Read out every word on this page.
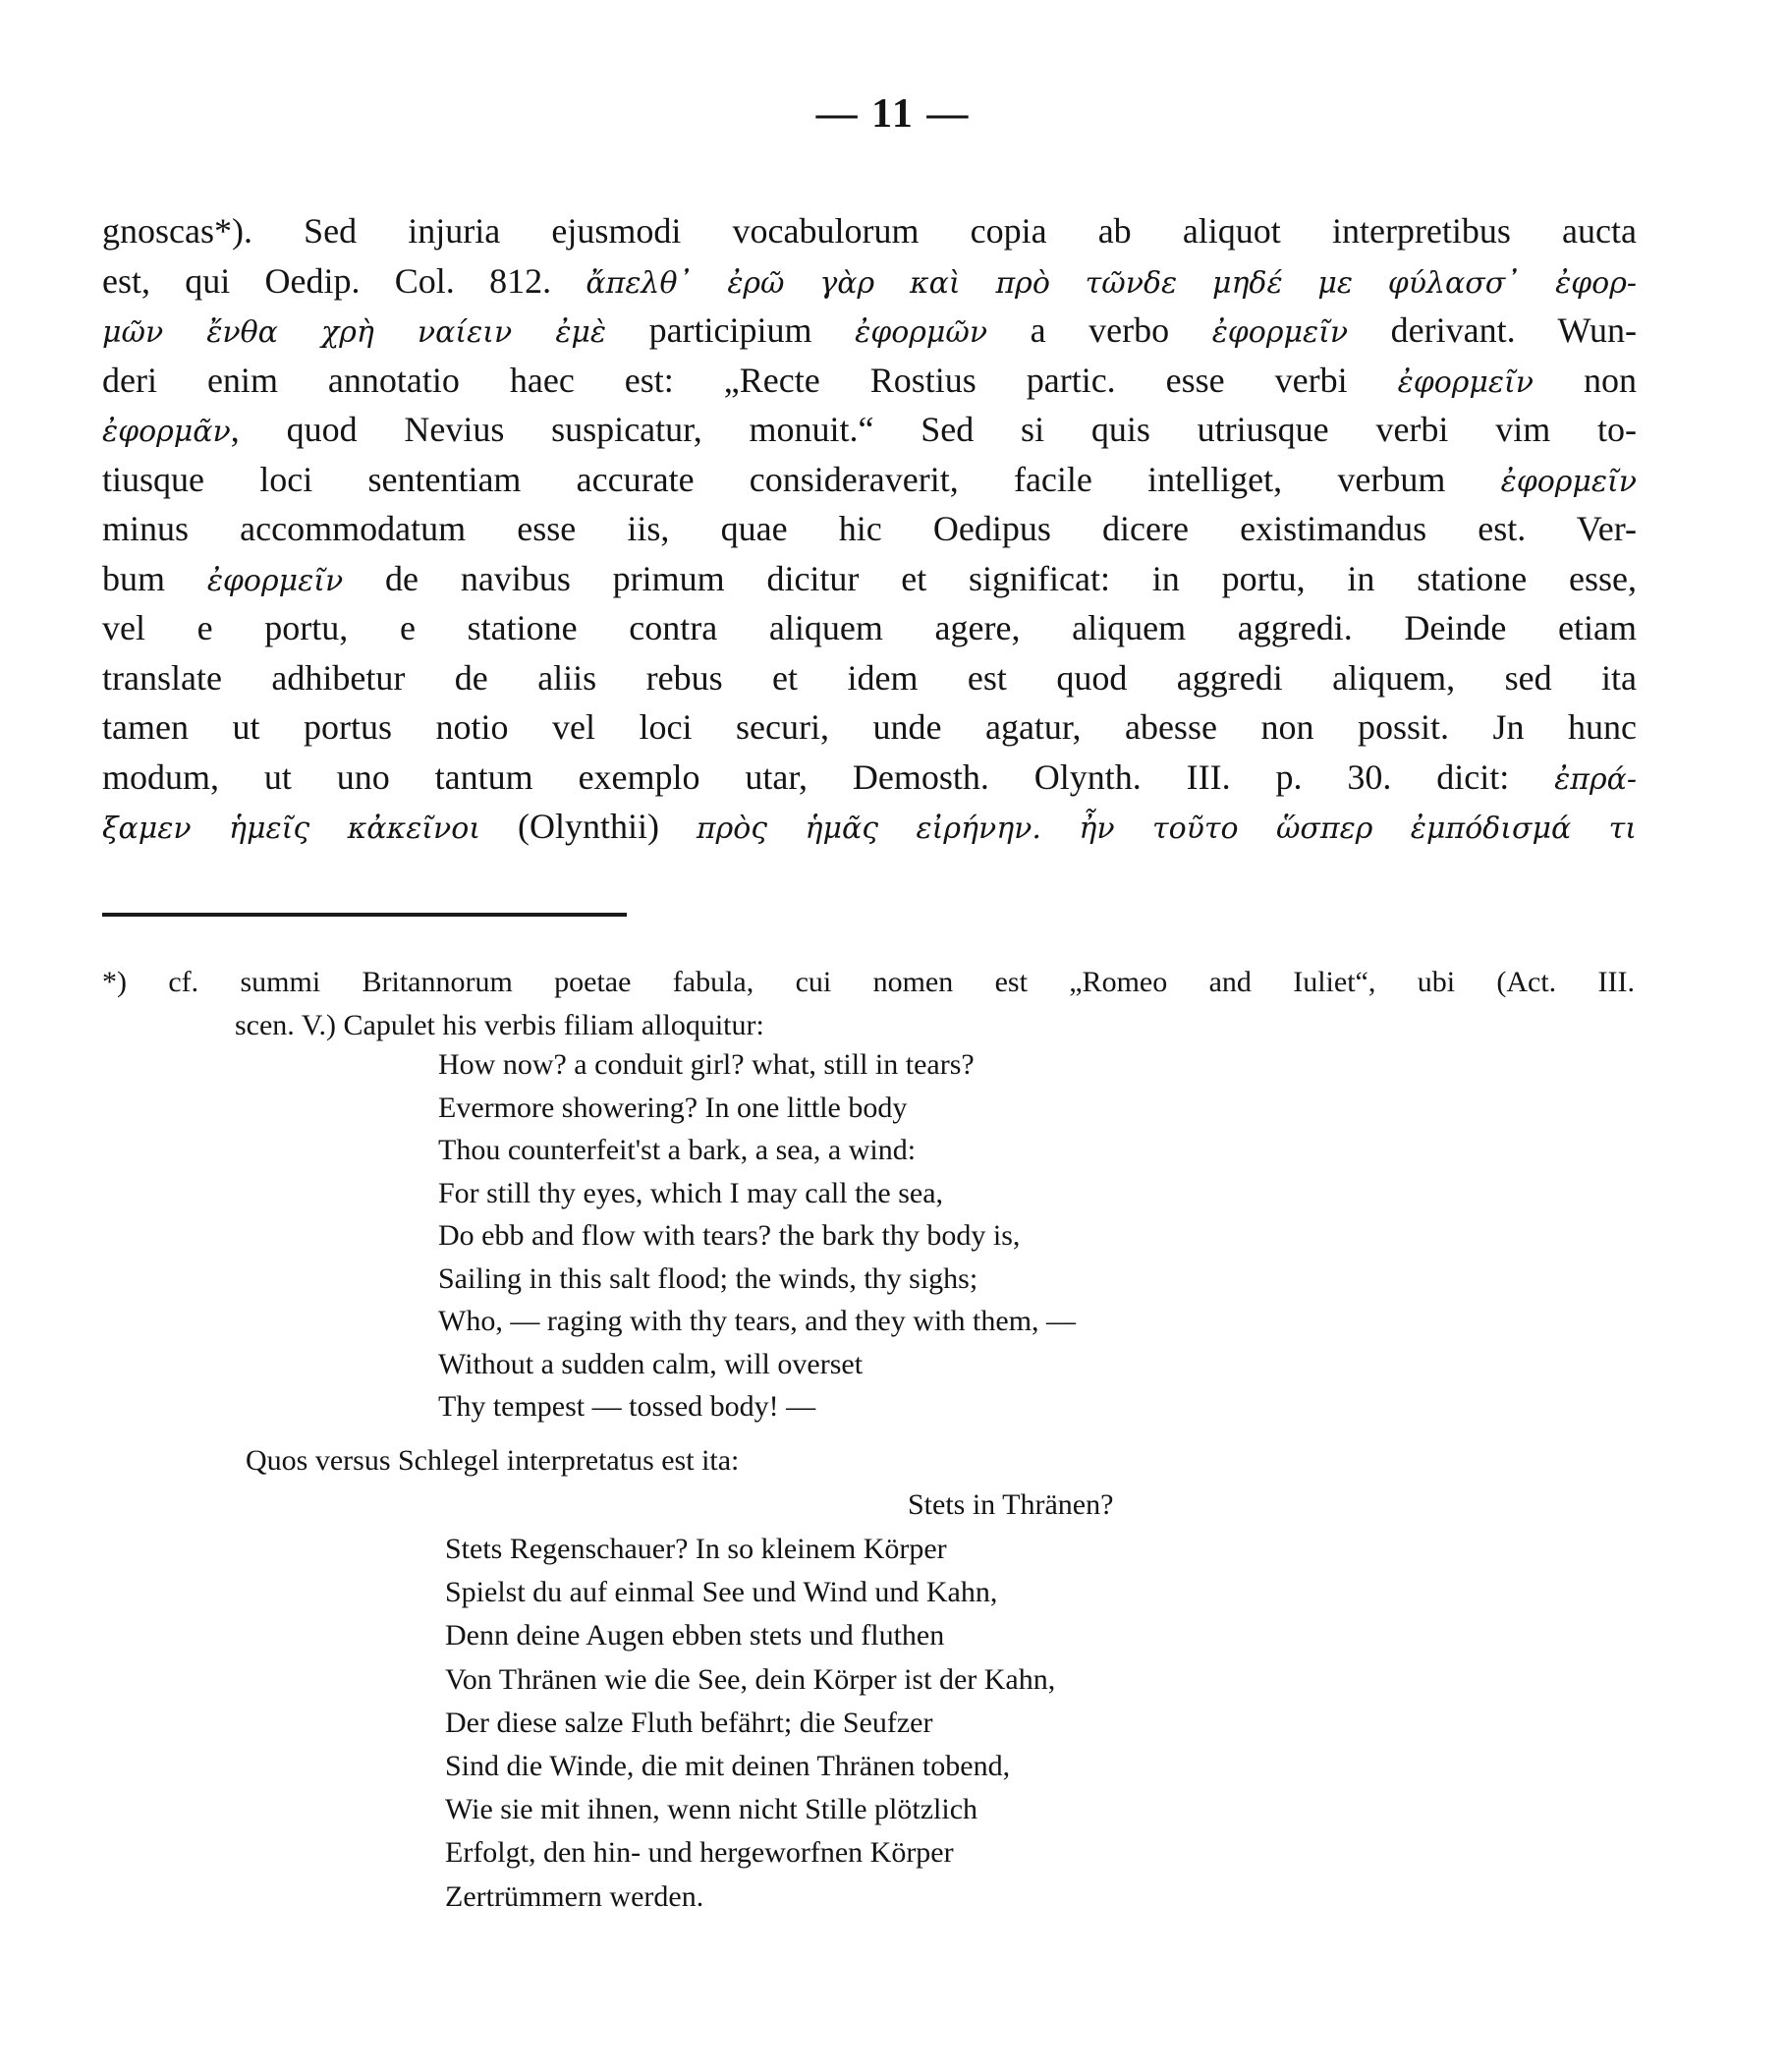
— 11 —
gnoscas*). Sed injuria ejusmodi vocabulorum copia ab aliquot interpretibus aucta
est, qui Oedip. Col. 812. ἄπελθ᾽ ἐρῶ γὰρ καὶ πρὸ τῶνδε μηδέ με φύλασσ᾽ ἐφορ-
μῶν ἔνθα χρὴ ναίειν ἐμὲ participium ἐφορμῶν a verbo ἐφορμεῖν derivant. Wun-
deri enim annotatio haec est: „Recte Rostius partic. esse verbi ἐφορμεῖν non
ἐφορμᾶν, quod Nevius suspicatur, monuit.“ Sed si quis utriusque verbi vim to-
tiusque loci sententiam accurate consideraverit, facile intelliget, verbum ἐφορμεῖν
minus accommodatum esse iis, quae hic Oedipus dicere existimandus est. Ver-
bum ἐφορμεῖν de navibus primum dicitur et significat: in portu, in statione esse,
vel e portu, e statione contra aliquem agere, aliquem aggredi. Deinde etiam
translate adhibetur de aliis rebus et idem est quod aggredi aliquem, sed ita
tamen ut portus notio vel loci securi, unde agatur, abesse non possit. Jn hunc
modum, ut uno tantum exemplo utar, Demosth. Olynth. III. p. 30. dicit: ἐπρά-
ξαμεν ἡμεῖς κἀκεῖνοι (Olynthii) πρὸς ἡμᾶς εἰρήνην. ἦν τοῦτο ὥσπερ ἐμπόδισμά τι
*) cf. summi Britannorum poetae fabula, cui nomen est „Romeo and Iuliet“, ubi (Act. III.
scen. V.) Capulet his verbis filiam alloquitur:
How now? a conduit girl? what, still in tears?
Evermore showering? In one little body
Thou counterfeit'st a bark, a sea, a wind:
For still thy eyes, which I may call the sea,
Do ebb and flow with tears? the bark thy body is,
Sailing in this salt flood; the winds, thy sighs;
Who, — raging with thy tears, and they with them, —
Without a sudden calm, will overset
Thy tempest — tossed body! —
Quos versus Schlegel interpretatus est ita:
Stets in Thränen?
Stets Regenschauer? In so kleinem Körper
Spielst du auf einmal See und Wind und Kahn,
Denn deine Augen ebben stets und fluthen
Von Thränen wie die See, dein Körper ist der Kahn,
Der diese salze Fluth befährt; die Seufzer
Sind die Winde, die mit deinen Thränen tobend,
Wie sie mit ihnen, wenn nicht Stille plötzlich
Erfolgt, den hin- und hergeworfnen Körper
Zertrümmern werden.
